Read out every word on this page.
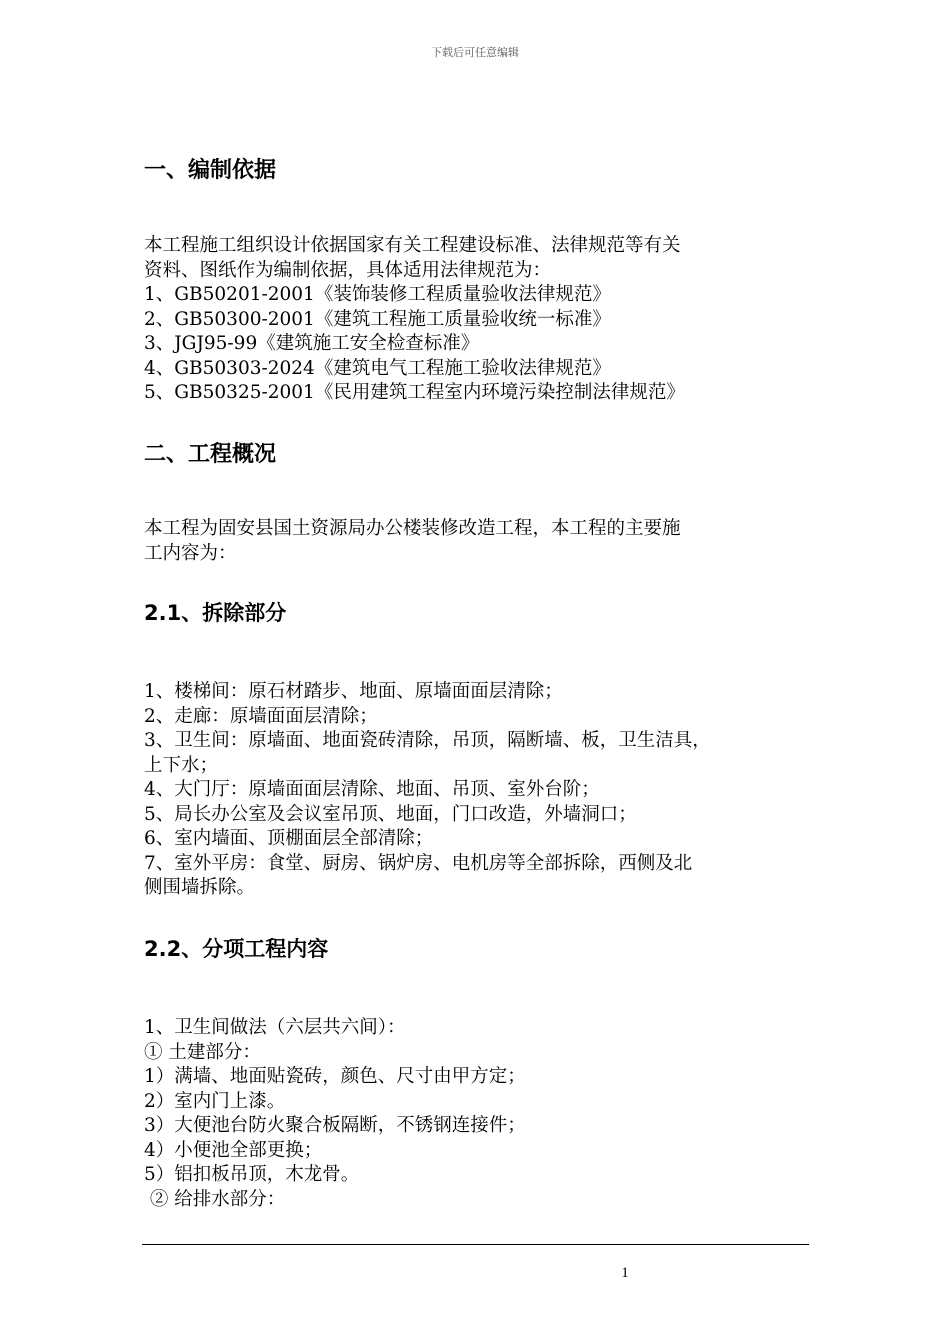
下载后可任意编辑
一、编制依据
本工程施工组织设计依据国家有关工程建设标准、法律规范等有关
资料、图纸作为编制依据，具体适用法律规范为：
1、GB50201-2001《装饰装修工程质量验收法律规范》
2、GB50300-2001《建筑工程施工质量验收统一标准》
3、JGJ95-99《建筑施工安全检查标准》
4、GB50303-2024《建筑电气工程施工验收法律规范》
5、GB50325-2001《民用建筑工程室内环境污染控制法律规范》
二、工程概况
本工程为固安县国土资源局办公楼装修改造工程，本工程的主要施
工内容为：
2.1、拆除部分
1、楼梯间：原石材踏步、地面、原墙面面层清除；
2、走廊：原墙面面层清除；
3、卫生间：原墙面、地面瓷砖清除，吊顶，隔断墙、板，卫生洁具，
上下水；
4、大门厅：原墙面面层清除、地面、吊顶、室外台阶；
5、局长办公室及会议室吊顶、地面，门口改造，外墙洞口；
6、室内墙面、顶棚面层全部清除；
7、室外平房：食堂、厨房、锅炉房、电机房等全部拆除，西侧及北
侧围墙拆除。
2.2、分项工程内容
1、卫生间做法（六层共六间）：
① 土建部分：
1）满墙、地面贴瓷砖，颜色、尺寸由甲方定；
2）室内门上漆。
3）大便池台防火聚合板隔断，不锈钢连接件；
4）小便池全部更换；
5）铝扣板吊顶，木龙骨。
② 给排水部分：
1
